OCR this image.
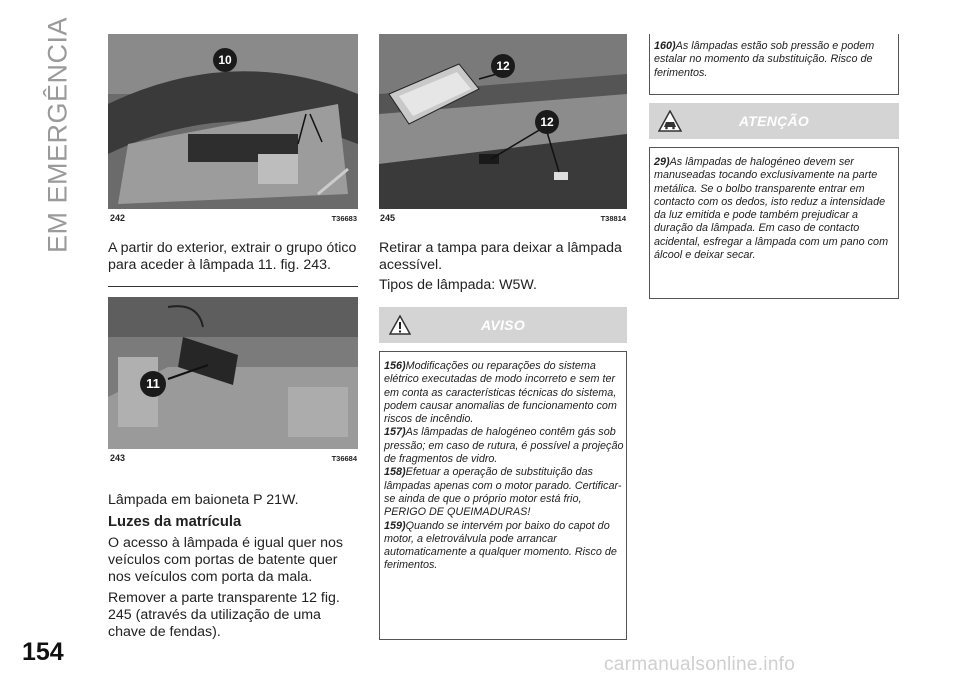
EM EMERGÊNCIA	10
242	T36683
A partir do exterior, extrair o grupo ótico para aceder à lâmpada 11. fig. 243.
11
243	T36684
Lâmpada em baioneta P 21W.
Luzes da matrícula
O acesso à lâmpada é igual quer nos veículos com portas de batente quer nos veículos com porta da mala.
Remover a parte transparente 12 fig. 245 (através da utilização de uma chave de fendas).
12
12
245	T38814
Retirar a tampa para deixar a lâmpada acessível.
Tipos de lâmpada: W5W.
AVISO

156)Modificações ou reparações do sistema elétrico executadas de modo incorreto e sem ter em conta as características técnicas do sistema, podem causar anomalias de funcionamento com riscos de incêndio.

157)As lâmpadas de halogéneo contêm gás sob pressão; em caso de rutura, é possível a projeção de fragmentos de vidro.

158)Efetuar a operação de substituição das lâmpadas apenas com o motor parado. Certificar-se ainda de que o próprio motor está frio, PERIGO DE QUEIMADURAS!

159)Quando se intervém por baixo do capot do motor, a eletroválvula pode arrancar automaticamente a qualquer momento. Risco de ferimentos.

160)As lâmpadas estão sob pressão e podem estalar no momento da substituição. Risco de ferimentos.

ATENÇÃO

29)As lâmpadas de halogéneo devem ser manuseadas tocando exclusivamente na parte metálica. Se o bolbo transparente entrar em contacto com os dedos, isto reduz a intensidade da luz emitida e pode também prejudicar a duração da lâmpada. Em caso de contacto acidental, esfregar a lâmpada com um pano com álcool e deixar secar.

154	carmanualsonline.info
